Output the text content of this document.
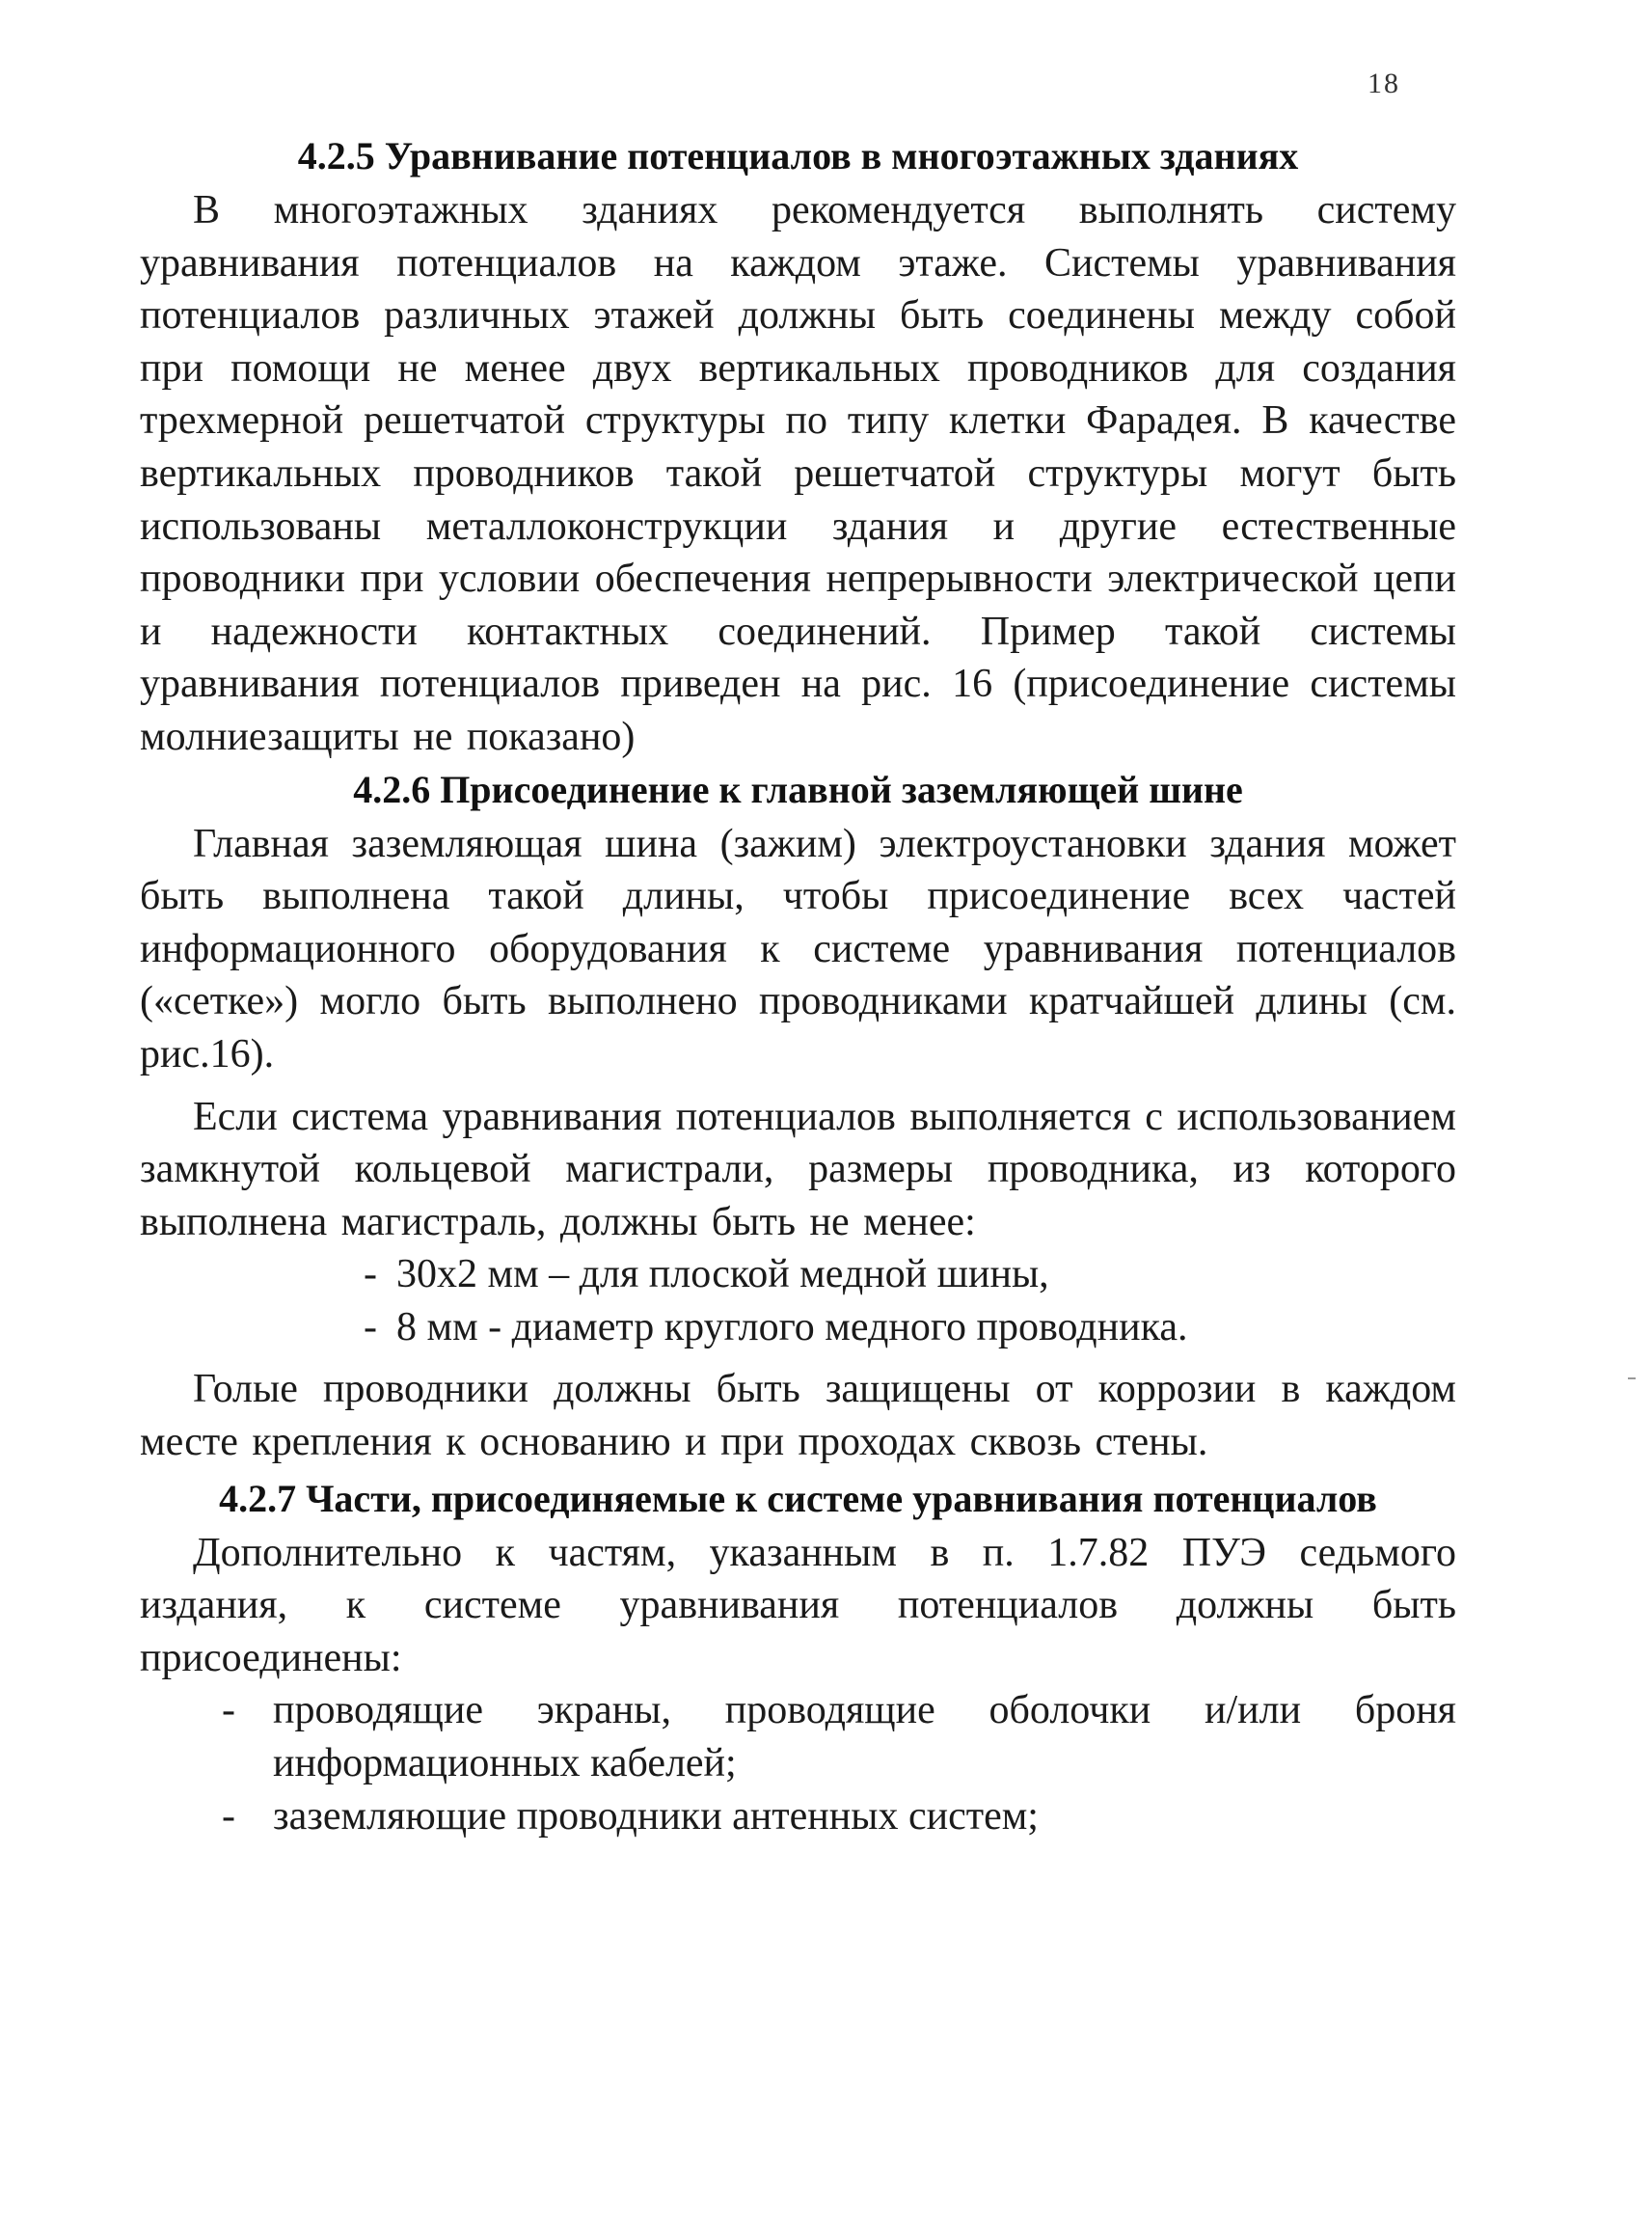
18
4.2.5 Уравнивание потенциалов в многоэтажных зданиях

В многоэтажных зданиях рекомендуется выполнять систему уравнивания потенциалов на каждом этаже. Системы уравнивания потенциалов различных этажей должны быть соединены между собой при помощи не менее двух вертикальных проводников для создания трехмерной решетчатой структуры по типу клетки Фарадея. В качестве вертикальных проводников такой решетчатой структуры могут быть использованы металлоконструкции здания и другие естественные проводники при условии обеспечения непрерывности электрической цепи и надежности контактных соединений. Пример такой системы уравнивания потенциалов приведен на рис. 16 (присоединение системы молниезащиты не показано)

4.2.6 Присоединение к главной заземляющей шине

Главная заземляющая шина (зажим) электроустановки здания может быть выполнена такой длины, чтобы присоединение всех частей информационного оборудования к системе уравнивания потенциалов («сетке») могло быть выполнено проводниками кратчайшей длины (см. рис.16).

Если система уравнивания потенциалов выполняется с использованием замкнутой кольцевой магистрали, размеры проводника, из которого выполнена магистраль, должны быть не менее:

- 30x2 мм – для плоской медной шины,
- 8 мм - диаметр круглого медного проводника.

Голые проводники должны быть защищены от коррозии в каждом месте крепления к основанию и при проходах сквозь стены.

4.2.7 Части, присоединяемые к системе уравнивания потенциалов

Дополнительно к частям, указанным в п. 1.7.82 ПУЭ седьмого издания, к системе уравнивания потенциалов должны быть присоединены:

- проводящие экраны, проводящие оболочки и/или броня информационных кабелей;
- заземляющие проводники антенных систем;
